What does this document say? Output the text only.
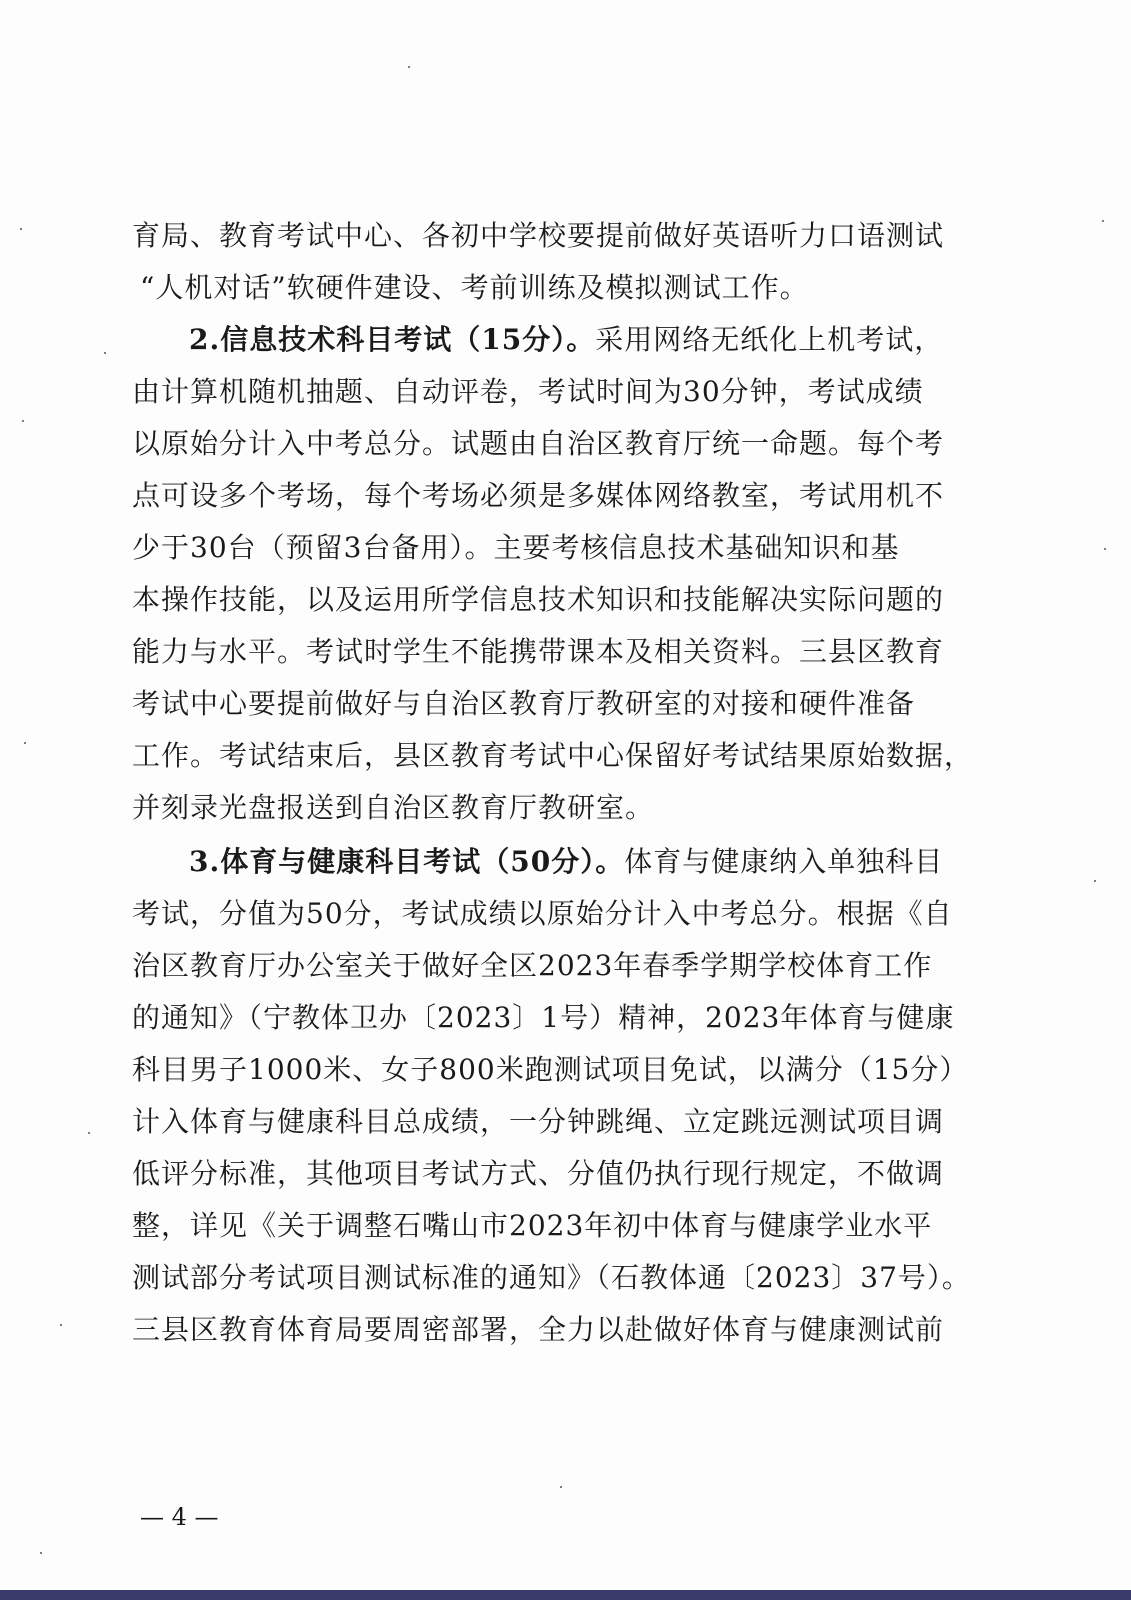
育局、教育考试中心、各初中学校要提前做好英语听力口语测试
“人机对话”软硬件建设、考前训练及模拟测试工作。
2.信息技术科目考试（15分）。采用网络无纸化上机考试，
由计算机随机抽题、自动评卷，考试时间为30分钟，考试成绩
以原始分计入中考总分。试题由自治区教育厅统一命题。每个考
点可设多个考场，每个考场必须是多媒体网络教室，考试用机不
少于30台（预留3台备用）。主要考核信息技术基础知识和基
本操作技能，以及运用所学信息技术知识和技能解决实际问题的
能力与水平。考试时学生不能携带课本及相关资料。三县区教育
考试中心要提前做好与自治区教育厅教研室的对接和硬件准备
工作。考试结束后，县区教育考试中心保留好考试结果原始数据，
并刻录光盘报送到自治区教育厅教研室。
3.体育与健康科目考试（50分）。体育与健康纳入单独科目
考试，分值为50分，考试成绩以原始分计入中考总分。根据《自
治区教育厅办公室关于做好全区2023年春季学期学校体育工作
的通知》（宁教体卫办〔2023〕1号）精神，2023年体育与健康
科目男子1000米、女子800米跑测试项目免试，以满分（15分）
计入体育与健康科目总成绩，一分钟跳绳、立定跳远测试项目调
低评分标准，其他项目考试方式、分值仍执行现行规定，不做调
整，详见《关于调整石嘴山市2023年初中体育与健康学业水平
测试部分考试项目测试标准的通知》（石教体通〔2023〕37号）。
三县区教育体育局要周密部署，全力以赴做好体育与健康测试前
— 4 —
